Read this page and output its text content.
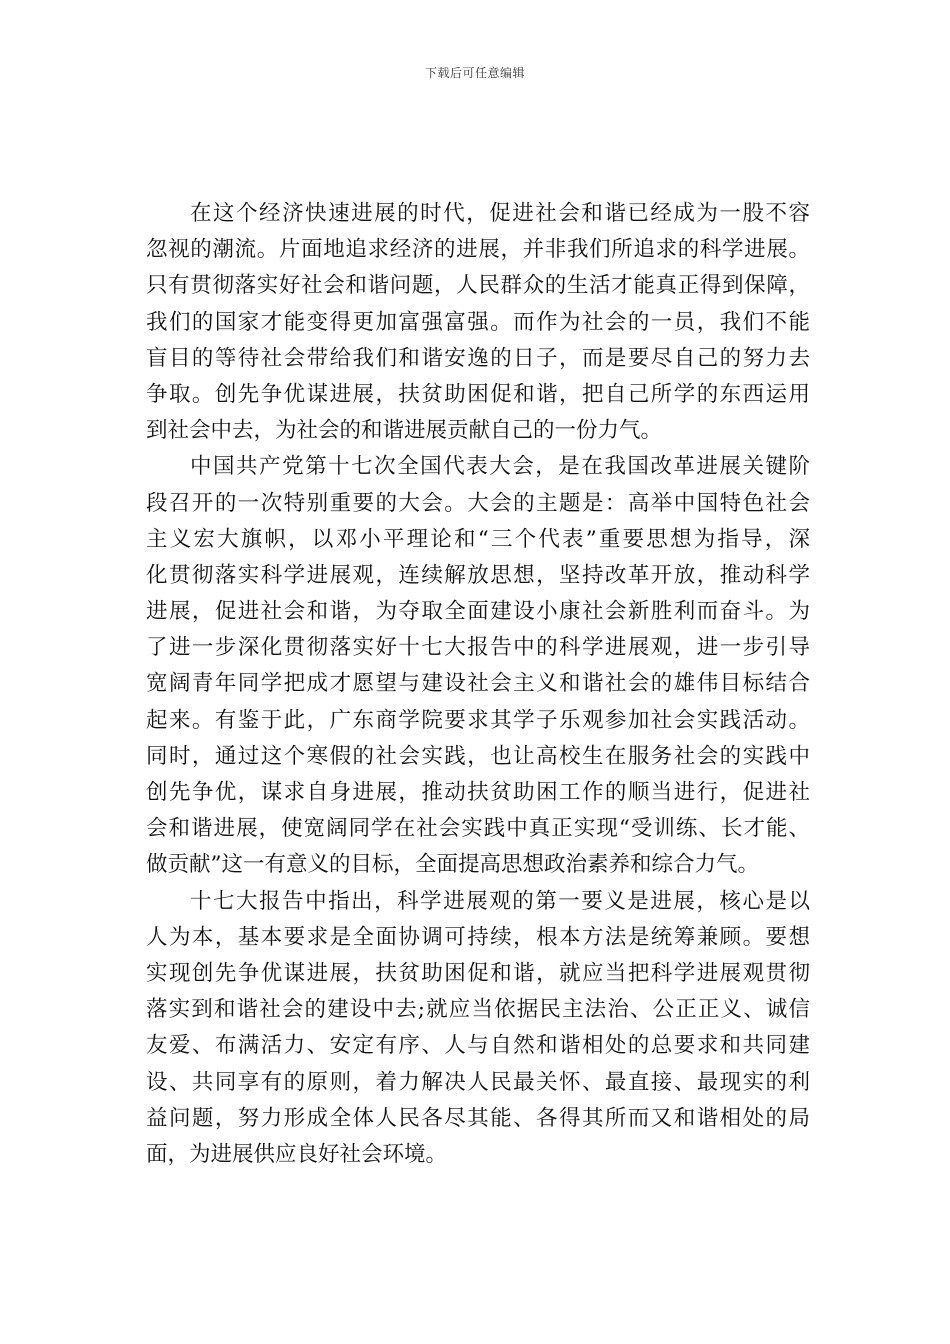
下载后可任意编辑
在这个经济快速进展的时代，促进社会和谐已经成为一股不容
忽视的潮流。片面地追求经济的进展，并非我们所追求的科学进展。
只有贯彻落实好社会和谐问题，人民群众的生活才能真正得到保障，
我们的国家才能变得更加富强富强。而作为社会的一员，我们不能
盲目的等待社会带给我们和谐安逸的日子，而是要尽自己的努力去
争取。创先争优谋进展，扶贫助困促和谐，把自己所学的东西运用
到社会中去，为社会的和谐进展贡献自己的一份力气。
中国共产党第十七次全国代表大会，是在我国改革进展关键阶
段召开的一次特别重要的大会。大会的主题是：高举中国特色社会
主义宏大旗帜，以邓小平理论和“三个代表”重要思想为指导，深
化贯彻落实科学进展观，连续解放思想，坚持改革开放，推动科学
进展，促进社会和谐，为夺取全面建设小康社会新胜利而奋斗。为
了进一步深化贯彻落实好十七大报告中的科学进展观，进一步引导
宽阔青年同学把成才愿望与建设社会主义和谐社会的雄伟目标结合
起来。有鉴于此，广东商学院要求其学子乐观参加社会实践活动。
同时，通过这个寒假的社会实践，也让高校生在服务社会的实践中
创先争优，谋求自身进展，推动扶贫助困工作的顺当进行，促进社
会和谐进展，使宽阔同学在社会实践中真正实现“受训练、长才能、
做贡献”这一有意义的目标，全面提高思想政治素养和综合力气。
十七大报告中指出，科学进展观的第一要义是进展，核心是以
人为本，基本要求是全面协调可持续，根本方法是统筹兼顾。要想
实现创先争优谋进展，扶贫助困促和谐，就应当把科学进展观贯彻
落实到和谐社会的建设中去;就应当依据民主法治、公正正义、诚信
友爱、布满活力、安定有序、人与自然和谐相处的总要求和共同建
设、共同享有的原则，着力解决人民最关怀、最直接、最现实的利
益问题，努力形成全体人民各尽其能、各得其所而又和谐相处的局
面，为进展供应良好社会环境。
